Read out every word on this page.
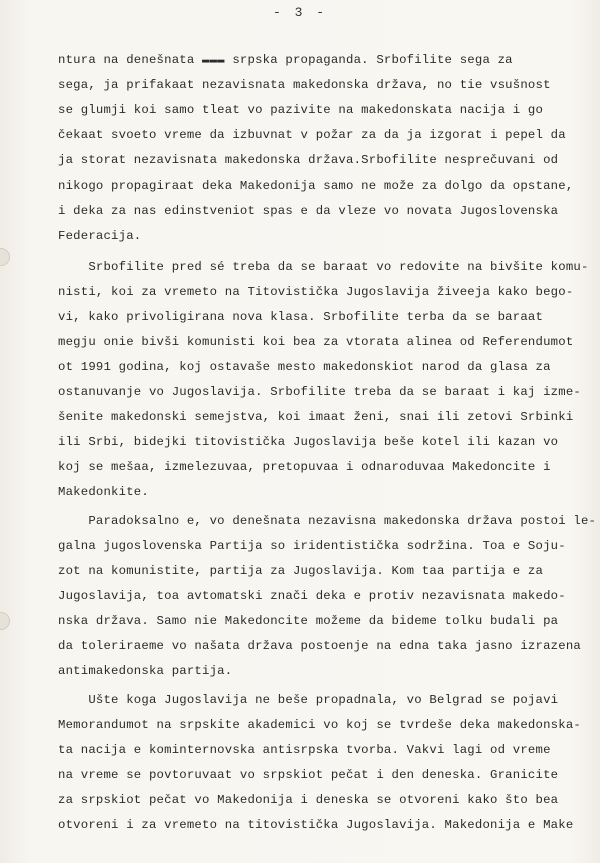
- 3 -
ntura na denešnata ▬▬▬ srpska propaganda. Srbofilite sega za
sega, ja prifakaat nezavisnata makedonska država, no tie vsušnost
se glumji koi samo tleat vo pazivite na makedonskata nacija i go
čekaat svoeto vreme da izbuvnat v požar za da ja izgorat i pepel da
ja storat nezavisnata makedonska država.Srbofilite nesprečuvani od
nikogo propagiraat deka Makedonija samo ne može za dolgo da opstane,
i deka za nas edinstveniot spas e da vleze vo novata Jugoslovenska
Federacija.
Srbofilite pred sé treba da se baraat vo redovite na bivšite komu-
nisti, koi za vremeto na Titovistička Jugoslavija živeeja kako bego-
vi, kako privoligirana nova klasa. Srbofilite terba da se baraat
megju onie bivši komunisti koi bea za vtorata alinea od Referendumot
ot 1991 godina, koj ostavaše mesto makedonskiot narod da glasa za
ostanuvanje vo Jugoslavija. Srbofilite treba da se baraat i kaj izme-
šenite makedonski semejstva, koi imaat ženi, snai ili zetovi Srbinki
ili Srbi, bidejki titovistička Jugoslavija beše kotel ili kazan vo
koj se mešaa, izmelezuvaa, pretopuvaa i odnaroduvaa Makedoncite i
Makedonkite.
Paradoksalno e, vo denešnata nezavisna makedonska država postoi le-
galna jugoslovenska Partija so iridentistička sodržina. Toa e Soju-
zot na komunistite, partija za Jugoslavija. Kom taa partija e za
Jugoslavija, toa avtomatski znači deka e protiv nezavisnata makedo-
nska država. Samo nie Makedoncite možeme da bideme tolku budali pa
da toleriraeme vo našata država postoenje na edna taka jasno izrazena
antimakedonska partija.
Ušte koga Jugoslavija ne beše propadnala, vo Belgrad se pojavi
Memorandumot na srpskite akademici vo koj se tvrdeše deka makedonska-
ta nacija e kominternovska antisrpska tvorba. Vakvi lagi od vreme
na vreme se povtoruvaat vo srpskiot pečat i den deneska. Granicite
za srpskiot pečat vo Makedonija i deneska se otvoreni kako što bea
otvoreni i za vremeto na titovistička Jugoslavija. Makedonija e Make
